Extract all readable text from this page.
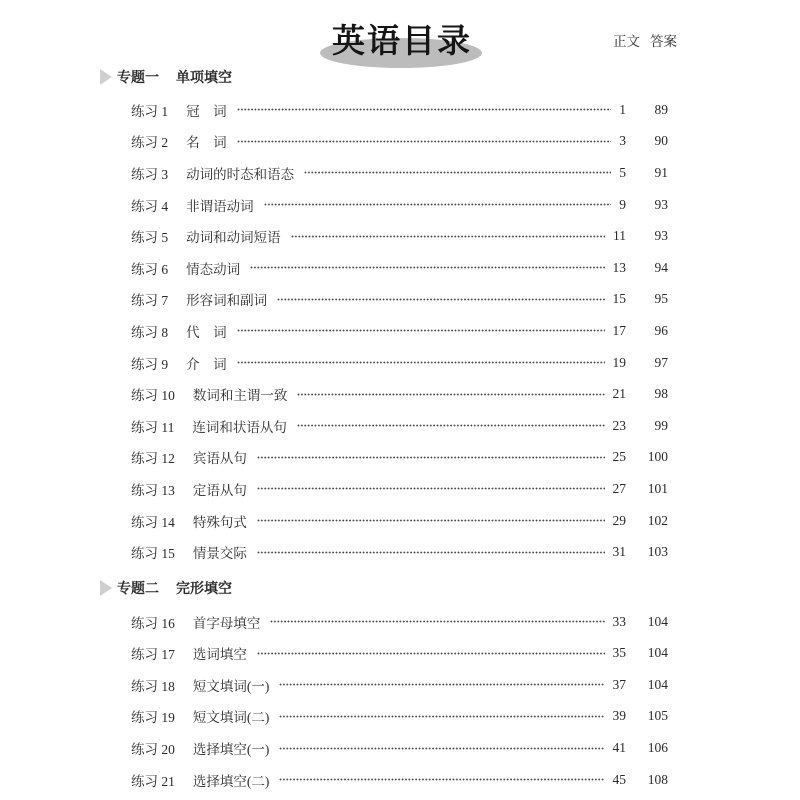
英语目录	正文 答案
专题一 单项填空
练习 1 冠　词	1	89
练习 2 名　词	3	90
练习 3 动词的时态和语态	5	91
练习 4 非谓语动词	9	93
练习 5 动词和动词短语	11	93
练习 6 情态动词	13	94
练习 7 形容词和副词	15	95
练习 8 代　词	17	96
练习 9 介　词	19	97
练习 10 数词和主谓一致	21	98
练习 11 连词和状语从句	23	99
练习 12 宾语从句	25	100
练习 13 定语从句	27	101
练习 14 特殊句式	29	102
练习 15 情景交际	31	103
专题二 完形填空
练习 16 首字母填空	33	104
练习 17 选词填空	35	104
练习 18 短文填词(一)	37	104
练习 19 短文填词(二)	39	105
练习 20 选择填空(一)	41	106
练习 21 选择填空(二)	45	108
